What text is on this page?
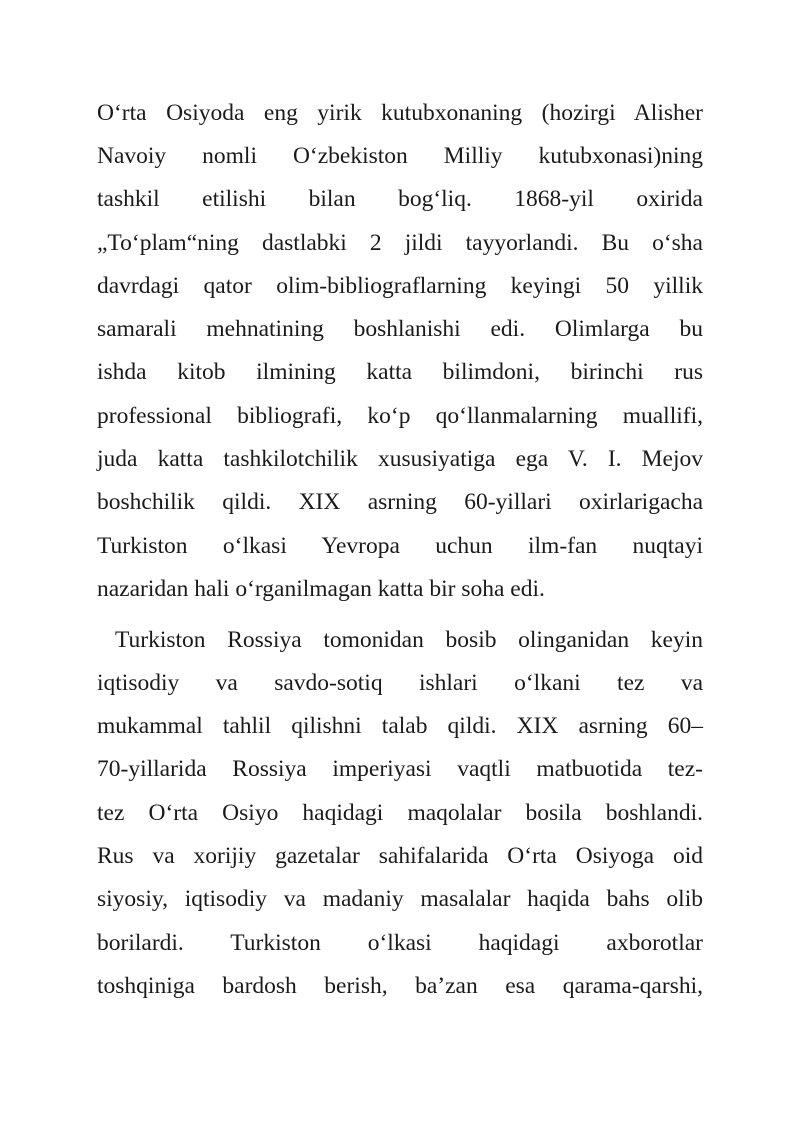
O‘rta Osiyoda eng yirik kutubxonaning (hozirgi Alisher
Navoiy nomli O‘zbekiston Milliy kutubxonasi)ning
tashkil etilishi bilan bog‘liq. 1868-yil oxirida
„To‘plam“ning dastlabki 2 jildi tayyorlandi. Bu o‘sha
davrdagi qator olim-bibliograflarning keyingi 50 yillik
samarali mehnatining boshlanishi edi. Olimlarga bu
ishda kitob ilmining katta bilimdoni, birinchi rus
professional bibliografi, ko‘p qo‘llanmalarning muallifi,
juda katta tashkilotchilik xususiyatiga ega V. I. Mejov
boshchilik qildi. XIX asrning 60-yillari oxirlarigacha
Turkiston o‘lkasi Yevropa uchun ilm-fan nuqtayi
nazaridan hali o‘rganilmagan katta bir soha edi.
Turkiston Rossiya tomonidan bosib olinganidan keyin
iqtisodiy va savdo-sotiq ishlari o‘lkani tez va
mukammal tahlil qilishni talab qildi. XIX asrning 60–
70-yillarida Rossiya imperiyasi vaqtli matbuotida tez-
tez O‘rta Osiyo haqidagi maqolalar bosila boshlandi.
Rus va xorijiy gazetalar sahifalarida O‘rta Osiyoga oid
siyosiy, iqtisodiy va madaniy masalalar haqida bahs olib
borilardi. Turkiston o‘lkasi haqidagi axborotlar
toshqiniga bardosh berish, ba’zan esa qarama-qarshi,
